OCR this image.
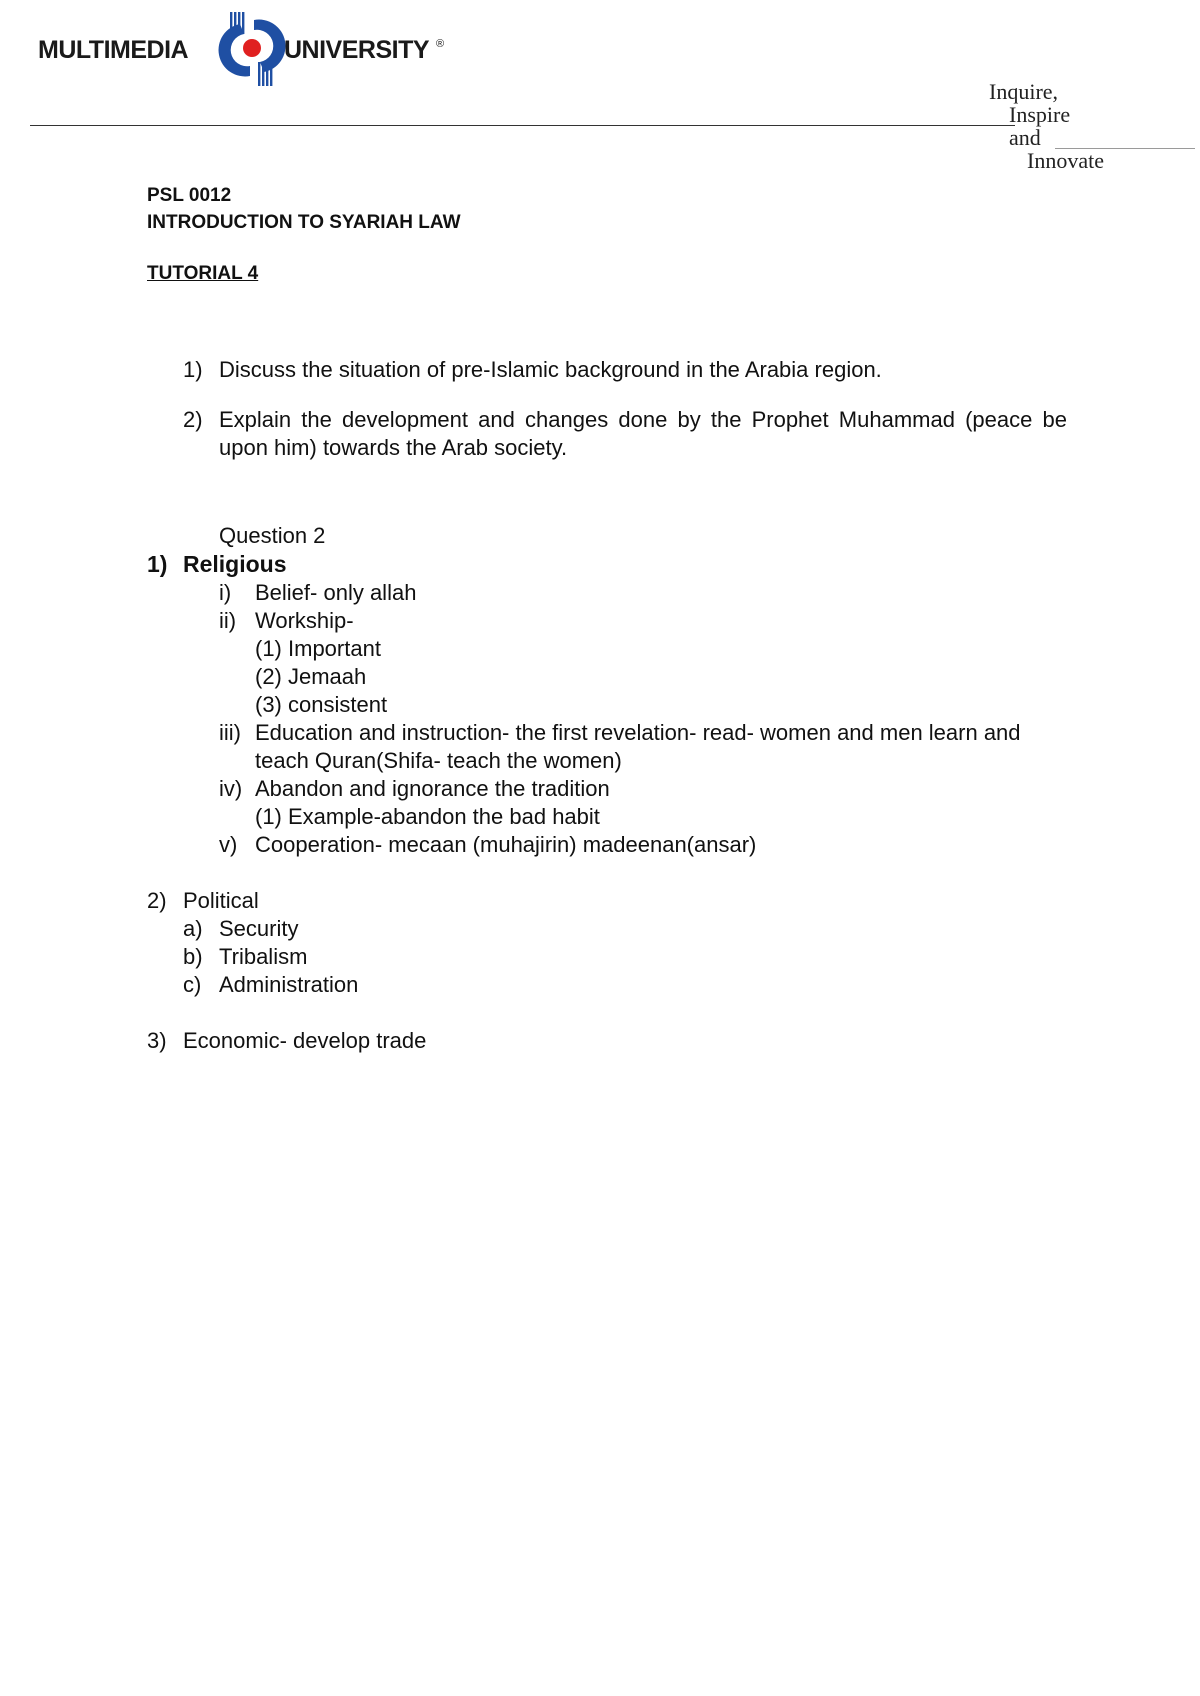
MULTIMEDIA	UNIVERSITY ®
Inquire,
Inspire
and
Innovate
PSL 0012
INTRODUCTION TO SYARIAH LAW
TUTORIAL 4
1) Discuss the situation of pre-Islamic background in the Arabia region.
2) Explain the development and changes done by the Prophet Muhammad (peace be upon him) towards the Arab society.
Question 2
1) Religious
i) Belief- only allah
ii) Workship-
(1) Important
(2) Jemaah
(3) consistent
iii) Education and instruction- the first revelation- read- women and men learn and teach Quran(Shifa- teach the women)
iv) Abandon and ignorance the tradition
(1) Example-abandon the bad habit
v) Cooperation- mecaan (muhajirin) madeenan(ansar)
2) Political
a) Security
b) Tribalism
c) Administration
3) Economic- develop trade
